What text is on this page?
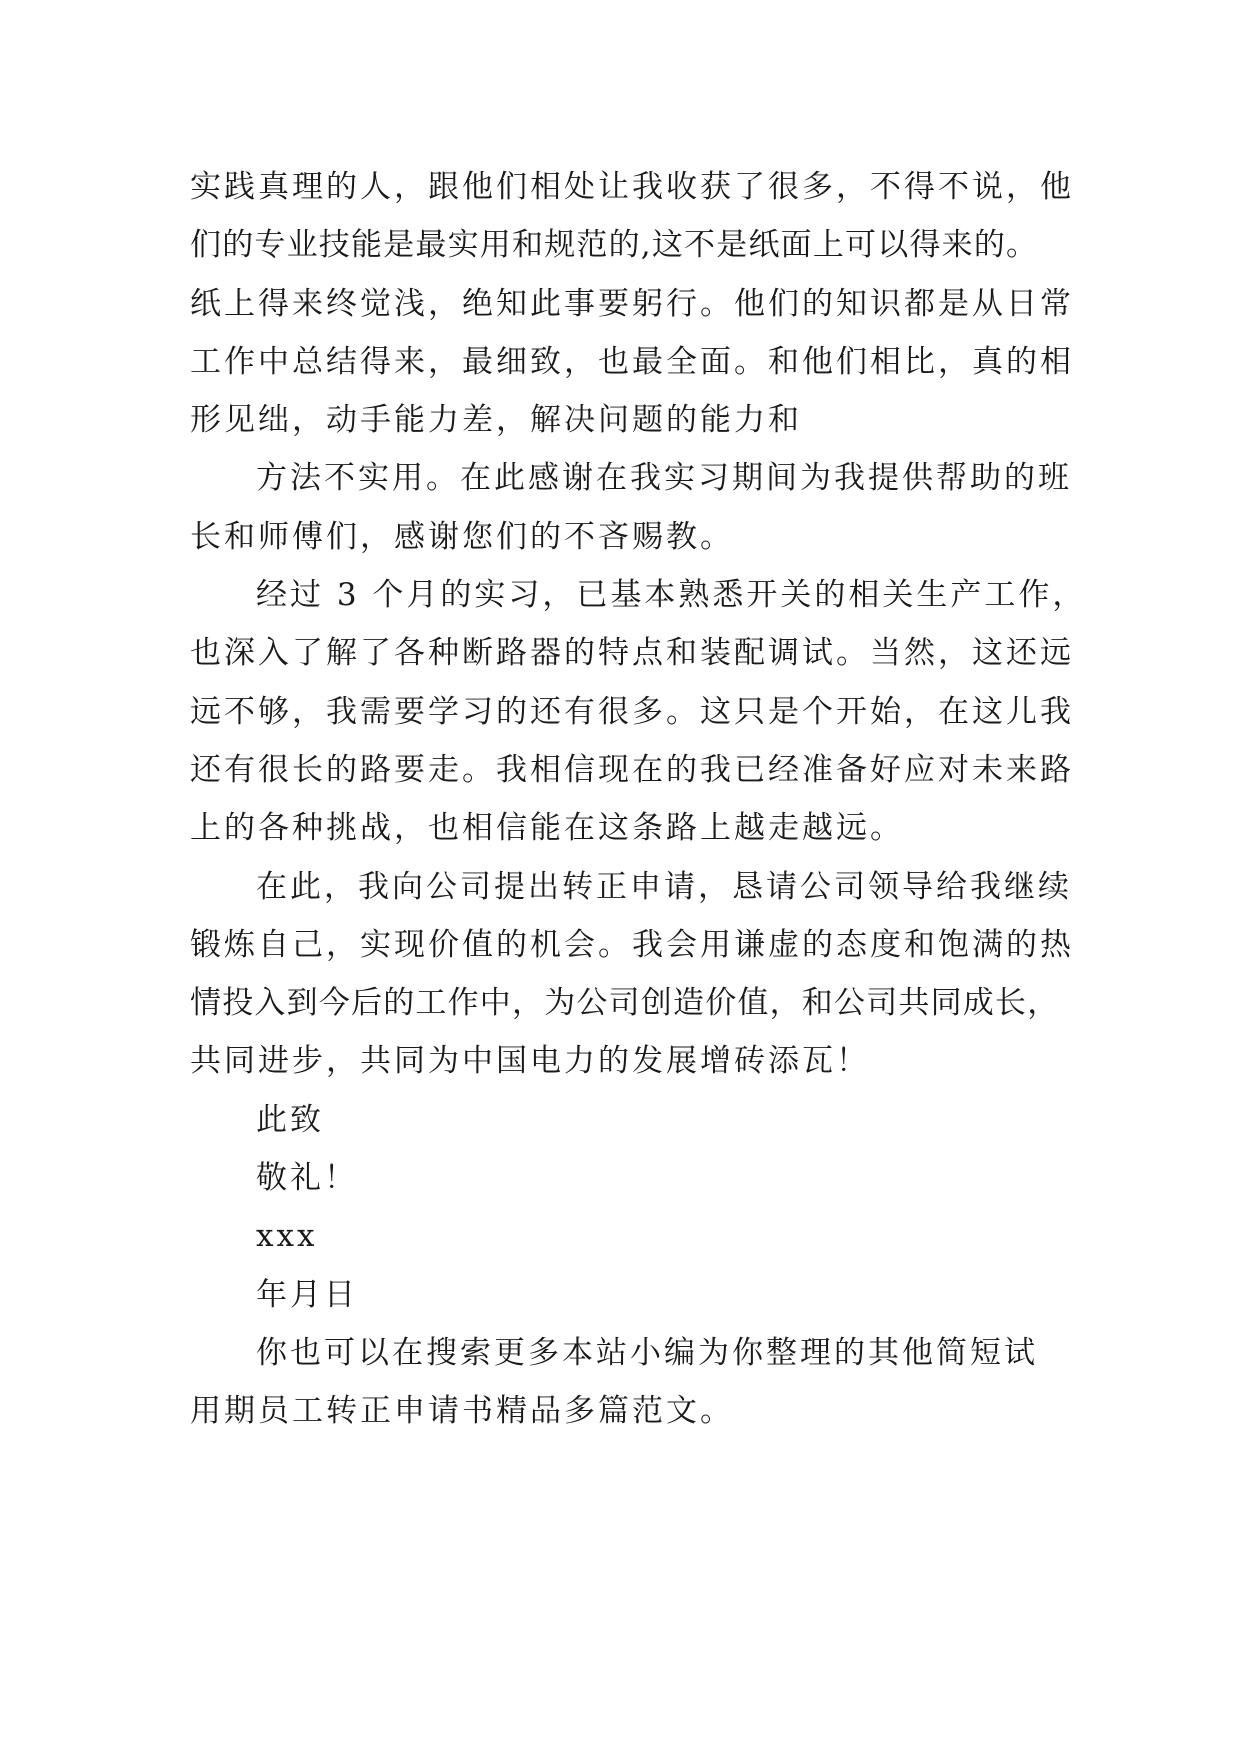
实践真理的人，跟他们相处让我收获了很多，不得不说，他
们的专业技能是最实用和规范的,这不是纸面上可以得来的。
纸上得来终觉浅，绝知此事要躬行。他们的知识都是从日常
工作中总结得来，最细致，也最全面。和他们相比，真的相
形见绌，动手能力差，解决问题的能力和
方法不实用。在此感谢在我实习期间为我提供帮助的班
长和师傅们，感谢您们的不吝赐教。
经过 3 个月的实习，已基本熟悉开关的相关生产工作，
也深入了解了各种断路器的特点和装配调试。当然，这还远
远不够，我需要学习的还有很多。这只是个开始，在这儿我
还有很长的路要走。我相信现在的我已经准备好应对未来路
上的各种挑战，也相信能在这条路上越走越远。
在此，我向公司提出转正申请，恳请公司领导给我继续
锻炼自己，实现价值的机会。我会用谦虚的态度和饱满的热
情投入到今后的工作中，为公司创造价值，和公司共同成长，
共同进步，共同为中国电力的发展增砖添瓦！
此致
敬礼！
xxx
年月日
你也可以在搜索更多本站小编为你整理的其他简短试
用期员工转正申请书精品多篇范文。
